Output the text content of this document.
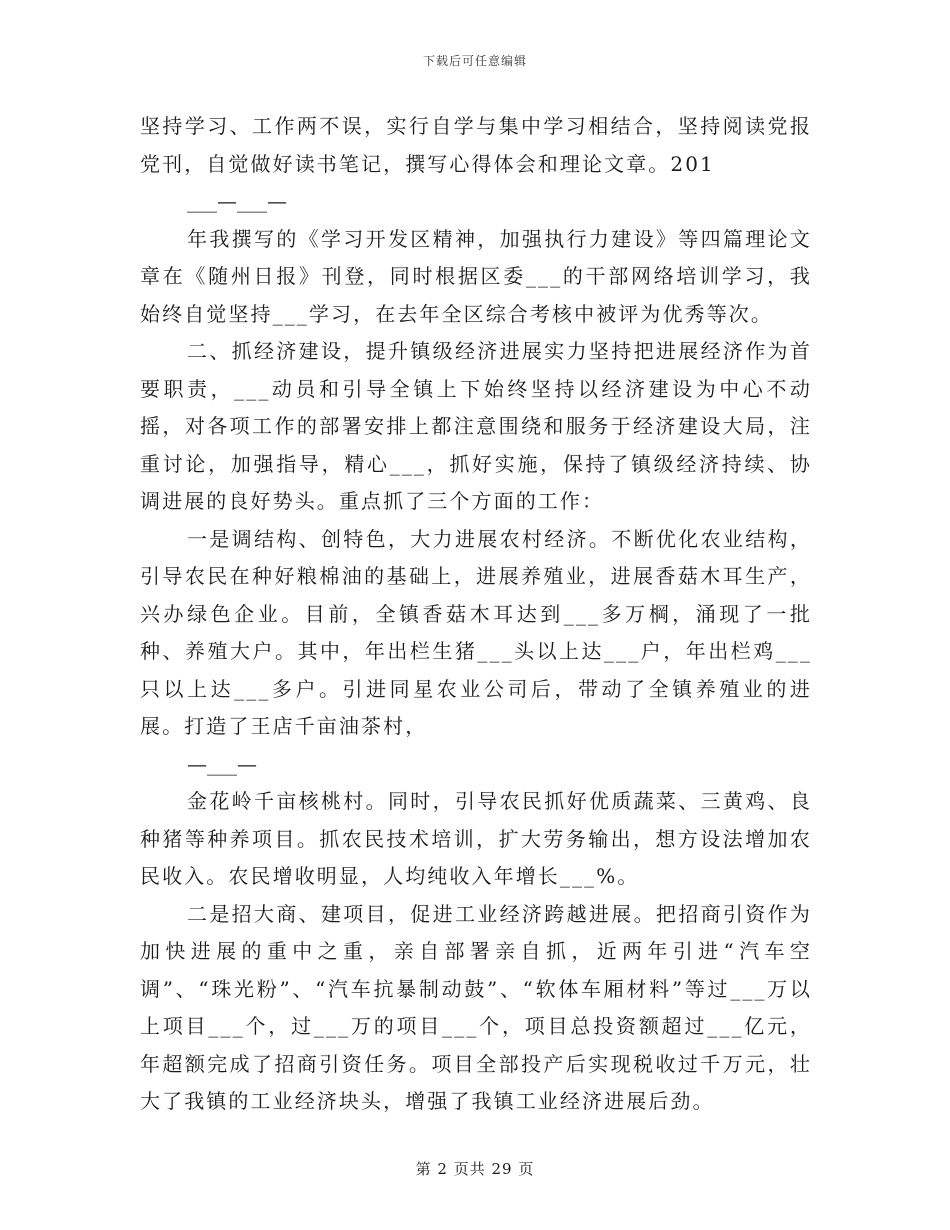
下载后可任意编辑

坚持学习、工作两不误，实行自学与集中学习相结合，坚持阅读党报党刊，自觉做好读书笔记，撰写心得体会和理论文章。201

___—___—

年我撰写的《学习开发区精神，加强执行力建设》等四篇理论文章在《随州日报》刊登，同时根据区委___的干部网络培训学习，我始终自觉坚持___学习，在去年全区综合考核中被评为优秀等次。

二、抓经济建设，提升镇级经济进展实力坚持把进展经济作为首要职责，___动员和引导全镇上下始终坚持以经济建设为中心不动摇，对各项工作的部署安排上都注意围绕和服务于经济建设大局，注重讨论，加强指导，精心___，抓好实施，保持了镇级经济持续、协调进展的良好势头。重点抓了三个方面的工作：

一是调结构、创特色，大力进展农村经济。不断优化农业结构，引导农民在种好粮棉油的基础上，进展养殖业，进展香菇木耳生产，兴办绿色企业。目前，全镇香菇木耳达到___多万棡，涌现了一批种、养殖大户。其中，年出栏生猪___头以上达___户，年出栏鸡___只以上达___多户。引进同星农业公司后，带动了全镇养殖业的进展。打造了王店千亩油茶村，

—___—

金花岭千亩核桃村。同时，引导农民抓好优质蔬菜、三黄鸡、良种猪等种养项目。抓农民技术培训，扩大劳务输出，想方设法增加农民收入。农民增收明显，人均纯收入年增长___%。

二是招大商、建项目，促进工业经济跨越进展。把招商引资作为加快进展的重中之重，亲自部署亲自抓，近两年引进“汽车空调”、“珠光粉”、“汽车抗暴制动鼓”、“软体车厢材料”等过___万以上项目___个，过___万的项目___个，项目总投资额超过___亿元，年超额完成了招商引资任务。项目全部投产后实现税收过千万元，壮大了我镇的工业经济块头，增强了我镇工业经济进展后劲。

第 2 页共 29 页
